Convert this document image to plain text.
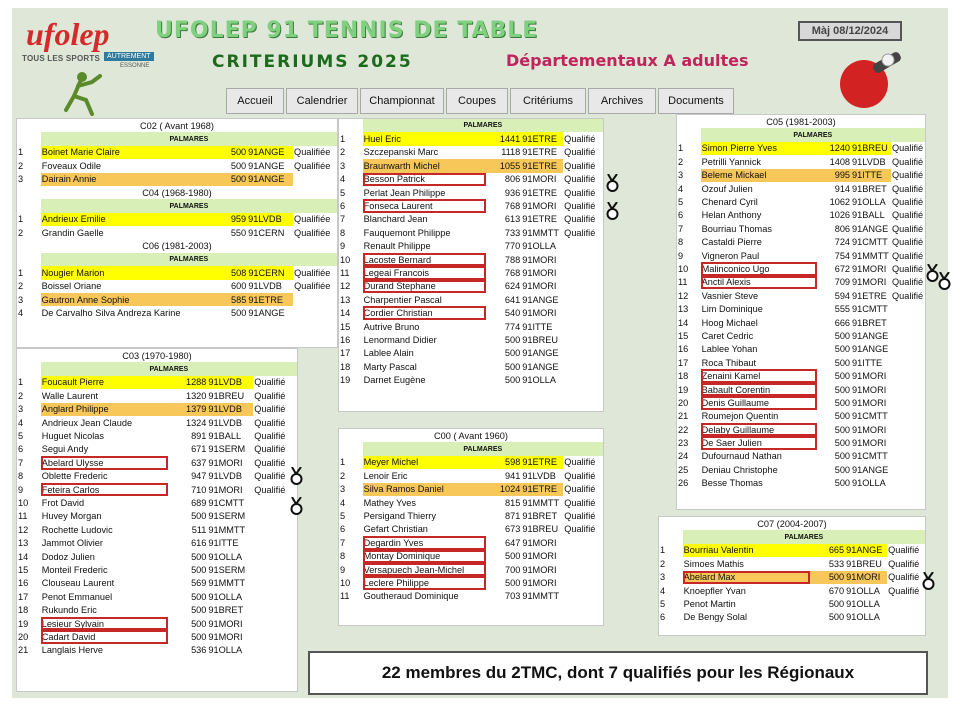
ufolep
TOUS LES SPORTS	AUTREMENT
ESSONNE
UFOLEP 91 TENNIS DE TABLE	Màj 08/12/2024
CRITERIUMS 2025	Départementaux A adultes
Accueil	Calendrier	Championnat	Coupes	Critériums	Archives	Documents
C02 ( Avant 1968)				
	PALMARES			
1	Boinet Marie Claire	500	91ANGE	Qualifiée
2	Foveaux Odile	500	91ANGE	Qualifiée
3	Dairain Annie	500	91ANGE	
C04 (1968-1980)				
	PALMARES			
1	Andrieux Emilie	959	91LVDB	Qualifiée
2	Grandin Gaelle	550	91CERN	Qualifiée
C06 (1981-2003)				
	PALMARES			
1	Nougier Marion	508	91CERN	Qualifiée
2	Boissel Oriane	600	91LVDB	Qualifiée
3	Gautron Anne Sophie	585	91ETRE	
4	De Carvalho Silva Andreza Karine	500	91ANGE	
C03 (1970-1980)				
	PALMARES			
1	Foucault Pierre	1288	91LVDB	Qualifié
2	Walle Laurent	1320	91BREU	Qualifié
3	Anglard Philippe	1379	91LVDB	Qualifié
4	Andrieux Jean Claude	1324	91LVDB	Qualifié
5	Huguet Nicolas	891	91BALL	Qualifié
6	Segui Andy	671	91SERM	Qualifié
7	Abelard Ulysse	637	91MORI	Qualifié
8	Oblette Frederic	947	91LVDB	Qualifié
9	Feteira Carlos	710	91MORI	Qualifié
10	Frot David	689	91CMTT	
11	Huvey Morgan	500	91SERM	
12	Rochette Ludovic	511	91MMTT	
13	Jammot Olivier	616	91ITTE	
14	Dodoz Julien	500	91OLLA	
15	Monteil Frederic	500	91SERM	
16	Clouseau Laurent	569	91MMTT	
17	Penot Emmanuel	500	91OLLA	
18	Rukundo Eric	500	91BRET	
19	Lesieur Sylvain	500	91MORI	
20	Cadart David	500	91MORI	
21	Langlais Herve	536	91OLLA	
	PALMARES			
1	Huel Eric	1441	91ETRE	Qualifié
2	Szczepanski Marc	1118	91ETRE	Qualifié
3	Braunwarth Michel	1055	91ETRE	Qualifié
4	Besson Patrick	806	91MORI	Qualifié
5	Perlat Jean Philippe	936	91ETRE	Qualifié
6	Fonseca Laurent	768	91MORI	Qualifié
7	Blanchard Jean	613	91ETRE	Qualifié
8	Fauquemont Philippe	733	91MMTT	Qualifié
9	Renault Philippe	770	91OLLA	
10	Lacoste Bernard	788	91MORI	
11	Legeai Francois	768	91MORI	
12	Durand Stephane	624	91MORI	
13	Charpentier Pascal	641	91ANGE	
14	Cordier Christian	540	91MORI	
15	Autrive Bruno	774	91ITTE	
16	Lenormand Didier	500	91BREU	
17	Lablee Alain	500	91ANGE	
18	Marty Pascal	500	91ANGE	
19	Darnet Eugène	500	91OLLA	
C00 ( Avant 1960)				
	PALMARES			
1	Meyer Michel	598	91ETRE	Qualifié
2	Lenoir Eric	941	91LVDB	Qualifié
3	Silva Ramos Daniel	1024	91ETRE	Qualifié
4	Mathey Yves	815	91MMTT	Qualifié
5	Persigand Thierry	871	91BRET	Qualifié
6	Gefart Christian	673	91BREU	Qualifié
7	Degardin Yves	647	91MORI	
8	Montay Dominique	500	91MORI	
9	Versapuech Jean-Michel	700	91MORI	
10	Leclere Philippe	500	91MORI	
11	Goutheraud Dominique	703	91MMTT	
C05 (1981-2003)				
	PALMARES			
1	Simon Pierre Yves	1240	91BREU	Qualifié
2	Petrilli Yannick	1408	91LVDB	Qualifié
3	Beleme Mickael	995	91ITTE	Qualifié
4	Ozouf Julien	914	91BRET	Qualifié
5	Chenard Cyril	1062	91OLLA	Qualifié
6	Helan Anthony	1026	91BALL	Qualifié
7	Bourriau Thomas	806	91ANGE	Qualifié
8	Castaldi Pierre	724	91CMTT	Qualifié
9	Vigneron Paul	754	91MMTT	Qualifié
10	Malinconico Ugo	672	91MORI	Qualifié
11	Anctil Alexis	709	91MORI	Qualifié
12	Vasnier Steve	594	91ETRE	Qualifié
13	Lim Dominique	555	91CMTT	
14	Hoog Michael	666	91BRET	
15	Caret Cedric	500	91ANGE	
16	Lablee Yohan	500	91ANGE	
17	Roca Thibaut	500	91ITTE	
18	Zenaini Kamel	500	91MORI	
19	Babault Corentin	500	91MORI	
20	Denis Guillaume	500	91MORI	
21	Roumejon Quentin	500	91CMTT	
22	Delaby Guillaume	500	91MORI	
23	De Saer Julien	500	91MORI	
24	Dufournaud Nathan	500	91CMTT	
25	Deniau Christophe	500	91ANGE	
26	Besse Thomas	500	91OLLA	
C07 (2004-2007)				
	PALMARES			
1	Bourriau Valentin	665	91ANGE	Qualifié
2	Simoes Mathis	533	91BREU	Qualifié
3	Abelard Max	500	91MORI	Qualifié
4	Knoepfler Yvan	670	91OLLA	Qualifié
5	Penot Martin	500	91OLLA	
6	De Bengy Solal	500	91OLLA	
22 membres du 2TMC, dont 7 qualifiés pour les Régionaux
